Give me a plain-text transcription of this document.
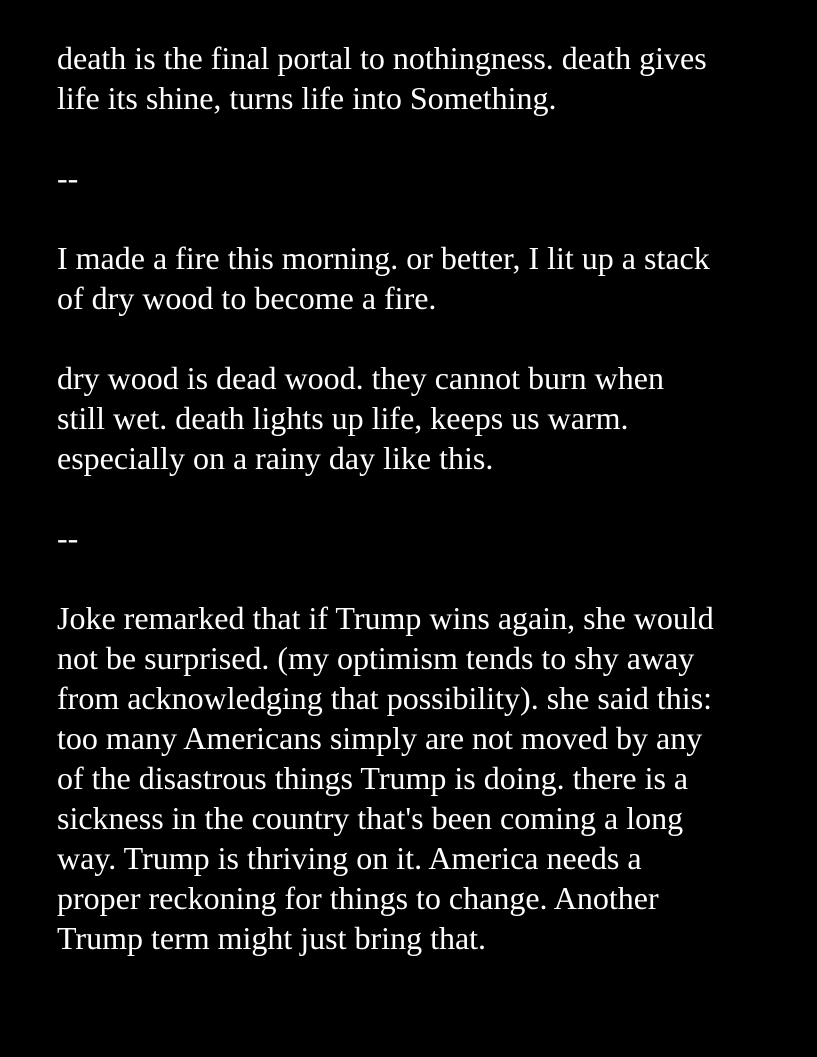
death is the final portal to nothingness. death gives
life its shine, turns life into Something.

--

I made a fire this morning. or better, I lit up a stack
of dry wood to become a fire.

dry wood is dead wood. they cannot burn when
still wet. death lights up life, keeps us warm.
especially on a rainy day like this.

--

Joke remarked that if Trump wins again, she would
not be surprised. (my optimism tends to shy away
from acknowledging that possibility). she said this:
too many Americans simply are not moved by any
of the disastrous things Trump is doing. there is a
sickness in the country that's been coming a long
way. Trump is thriving on it. America needs a
proper reckoning for things to change. Another
Trump term might just bring that.
